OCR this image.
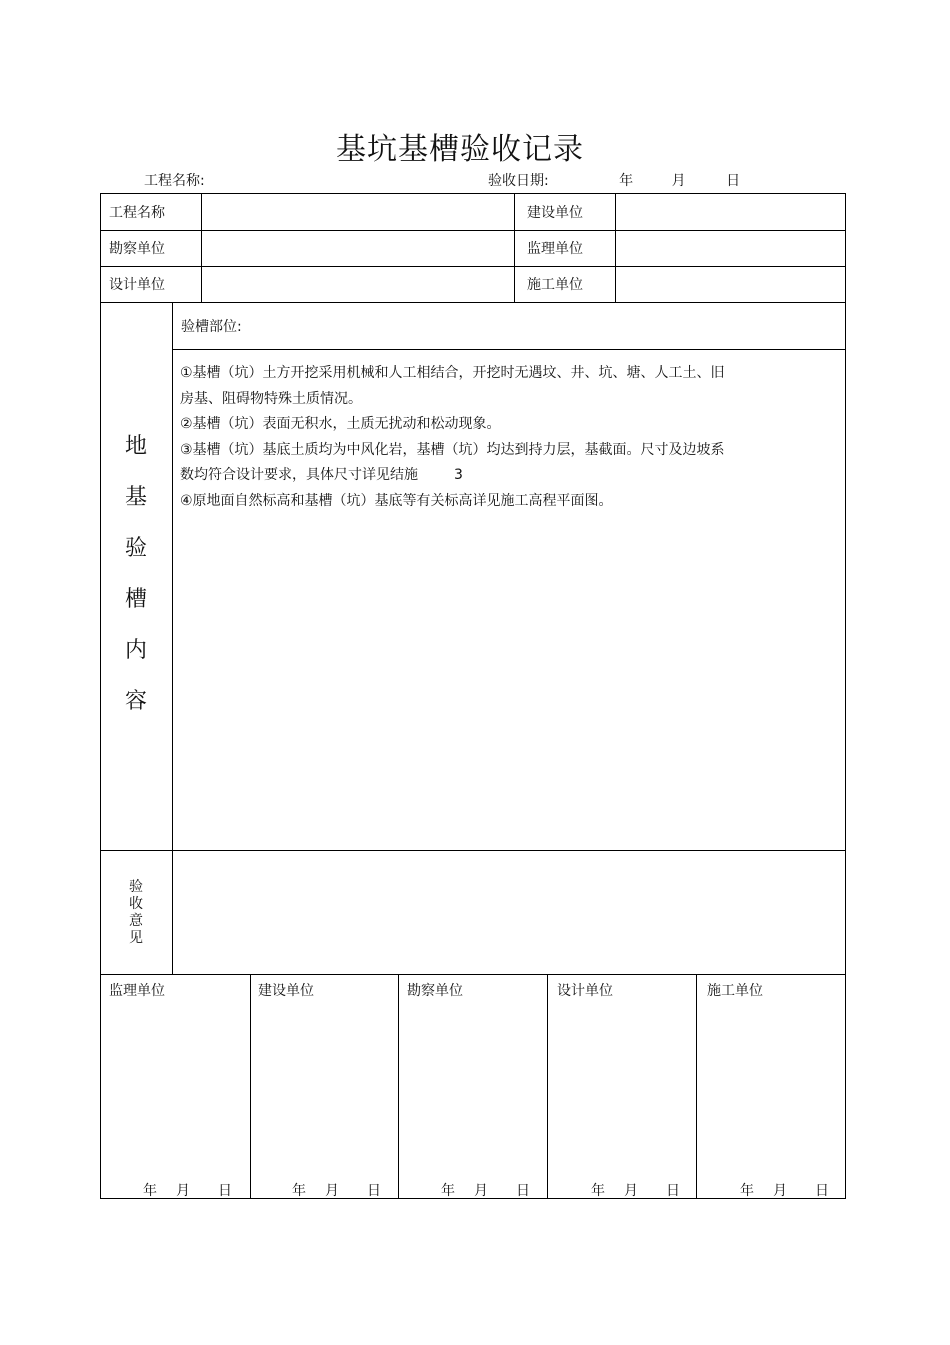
基坑基槽验收记录
工程名称:	验收日期:	年	月	日
工程名称	建设单位
勘察单位	监理单位
设计单位	施工单位
地
基
验
槽
内
容
验槽部位:

①基槽（坑）土方开挖采用机械和人工相结合，开挖时无遇坟、井、坑、塘、人工土、旧

房基、阻碍物特殊土质情况。

②基槽（坑）表面无积水，土质无扰动和松动现象。

③基槽（坑）基底土质均为中风化岩，基槽（坑）均达到持力层，基截面。尺寸及边坡系

数均符合设计要求，具体尺寸详见结施	3

④原地面自然标高和基槽（坑）基底等有关标高详见施工高程平面图。

验
收
意
见
监理单位	建设单位	勘察单位	设计单位	施工单位
年 月 日	年 月 日	年 月 日	年 月 日	年 月 日
